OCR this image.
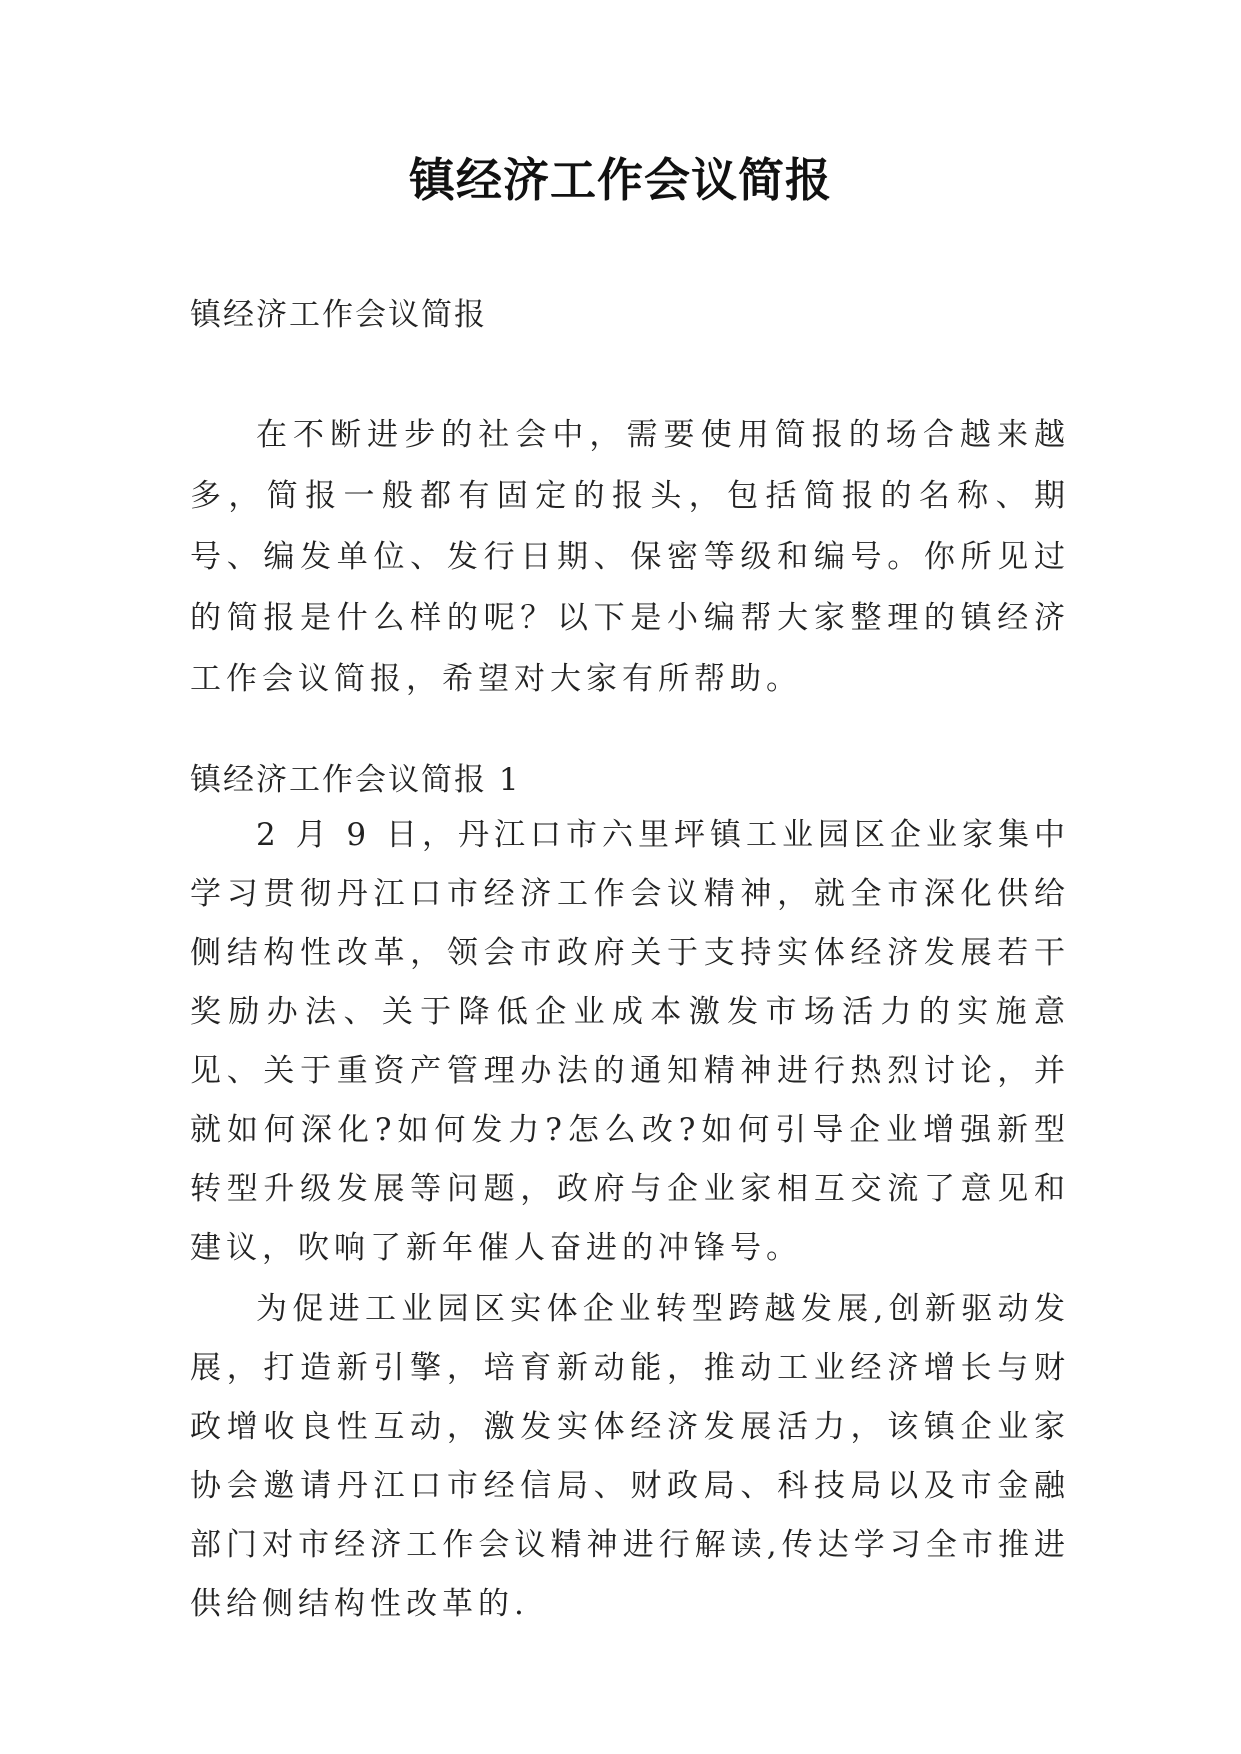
镇经济工作会议简报
镇经济工作会议简报

在不断进步的社会中，需要使用简报的场合越来越多，简报一般都有固定的报头，包括简报的名称、期号、编发单位、发行日期、保密等级和编号。你所见过的简报是什么样的呢？以下是小编帮大家整理的镇经济工作会议简报，希望对大家有所帮助。

镇经济工作会议简报 1

2 月 9 日，丹江口市六里坪镇工业园区企业家集中学习贯彻丹江口市经济工作会议精神，就全市深化供给侧结构性改革，领会市政府关于支持实体经济发展若干奖励办法、关于降低企业成本激发市场活力的实施意见、关于重资产管理办法的通知精神进行热烈讨论，并就如何深化?如何发力?怎么改?如何引导企业增强新型转型升级发展等问题，政府与企业家相互交流了意见和建议，吹响了新年催人奋进的冲锋号。

为促进工业园区实体企业转型跨越发展,创新驱动发展，打造新引擎，培育新动能，推动工业经济增长与财政增收良性互动，激发实体经济发展活力，该镇企业家协会邀请丹江口市经信局、财政局、科技局以及市金融部门对市经济工作会议精神进行解读,传达学习全市推进供给侧结构性改革的.
